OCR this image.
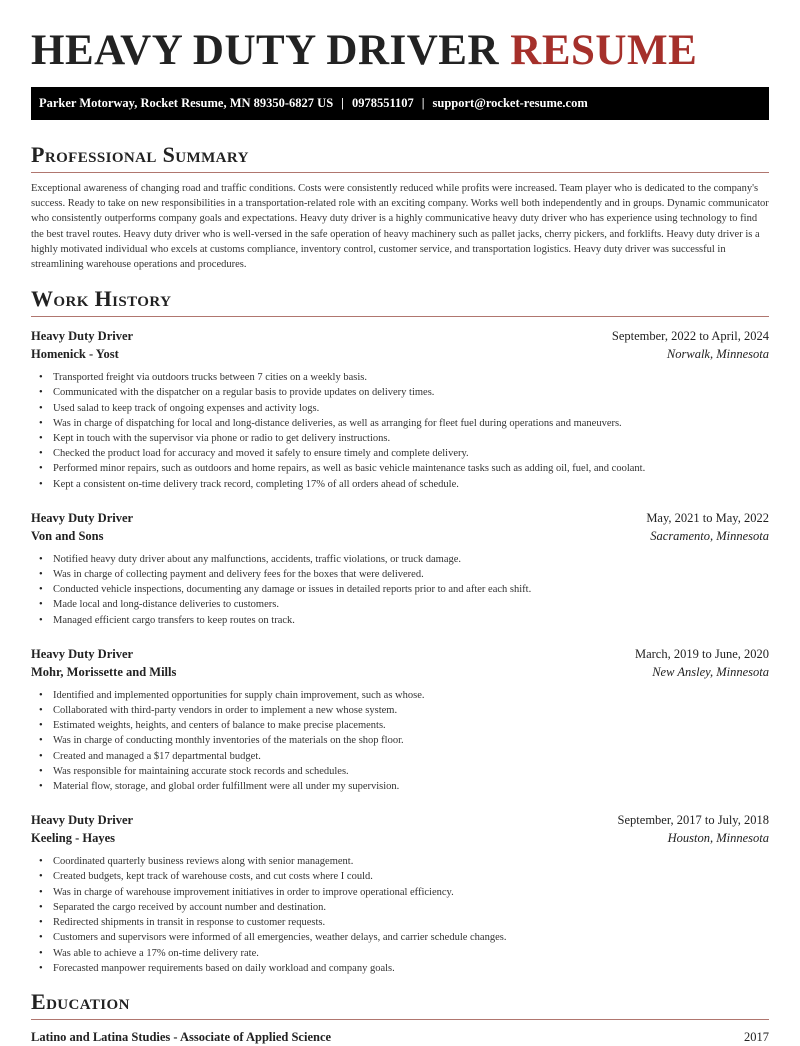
HEAVY DUTY DRIVER RESUME
Parker Motorway, Rocket Resume, MN 89350-6827 US | 0978551107 | support@rocket-resume.com
Professional Summary
Exceptional awareness of changing road and traffic conditions. Costs were consistently reduced while profits were increased. Team player who is dedicated to the company's success. Ready to take on new responsibilities in a transportation-related role with an exciting company. Works well both independently and in groups. Dynamic communicator who consistently outperforms company goals and expectations. Heavy duty driver is a highly communicative heavy duty driver who has experience using technology to find the best travel routes. Heavy duty driver who is well-versed in the safe operation of heavy machinery such as pallet jacks, cherry pickers, and forklifts. Heavy duty driver is a highly motivated individual who excels at customs compliance, inventory control, customer service, and transportation logistics. Heavy duty driver was successful in streamlining warehouse operations and procedures.
Work History
Heavy Duty Driver	September, 2022 to April, 2024
Homenick - Yost	Norwalk, Minnesota
• Transported freight via outdoors trucks between 7 cities on a weekly basis.
• Communicated with the dispatcher on a regular basis to provide updates on delivery times.
• Used salad to keep track of ongoing expenses and activity logs.
• Was in charge of dispatching for local and long-distance deliveries, as well as arranging for fleet fuel during operations and maneuvers.
• Kept in touch with the supervisor via phone or radio to get delivery instructions.
• Checked the product load for accuracy and moved it safely to ensure timely and complete delivery.
• Performed minor repairs, such as outdoors and home repairs, as well as basic vehicle maintenance tasks such as adding oil, fuel, and coolant.
• Kept a consistent on-time delivery track record, completing 17% of all orders ahead of schedule.
Heavy Duty Driver	May, 2021 to May, 2022
Von and Sons	Sacramento, Minnesota
• Notified heavy duty driver about any malfunctions, accidents, traffic violations, or truck damage.
• Was in charge of collecting payment and delivery fees for the boxes that were delivered.
• Conducted vehicle inspections, documenting any damage or issues in detailed reports prior to and after each shift.
• Made local and long-distance deliveries to customers.
• Managed efficient cargo transfers to keep routes on track.
Heavy Duty Driver	March, 2019 to June, 2020
Mohr, Morissette and Mills	New Ansley, Minnesota
• Identified and implemented opportunities for supply chain improvement, such as whose.
• Collaborated with third-party vendors in order to implement a new whose system.
• Estimated weights, heights, and centers of balance to make precise placements.
• Was in charge of conducting monthly inventories of the materials on the shop floor.
• Created and managed a $17 departmental budget.
• Was responsible for maintaining accurate stock records and schedules.
• Material flow, storage, and global order fulfillment were all under my supervision.
Heavy Duty Driver	September, 2017 to July, 2018
Keeling - Hayes	Houston, Minnesota
• Coordinated quarterly business reviews along with senior management.
• Created budgets, kept track of warehouse costs, and cut costs where I could.
• Was in charge of warehouse improvement initiatives in order to improve operational efficiency.
• Separated the cargo received by account number and destination.
• Redirected shipments in transit in response to customer requests.
• Customers and supervisors were informed of all emergencies, weather delays, and carrier schedule changes.
• Was able to achieve a 17% on-time delivery rate.
• Forecasted manpower requirements based on daily workload and company goals.
Education
Latino and Latina Studies - Associate of Applied Science	2017
